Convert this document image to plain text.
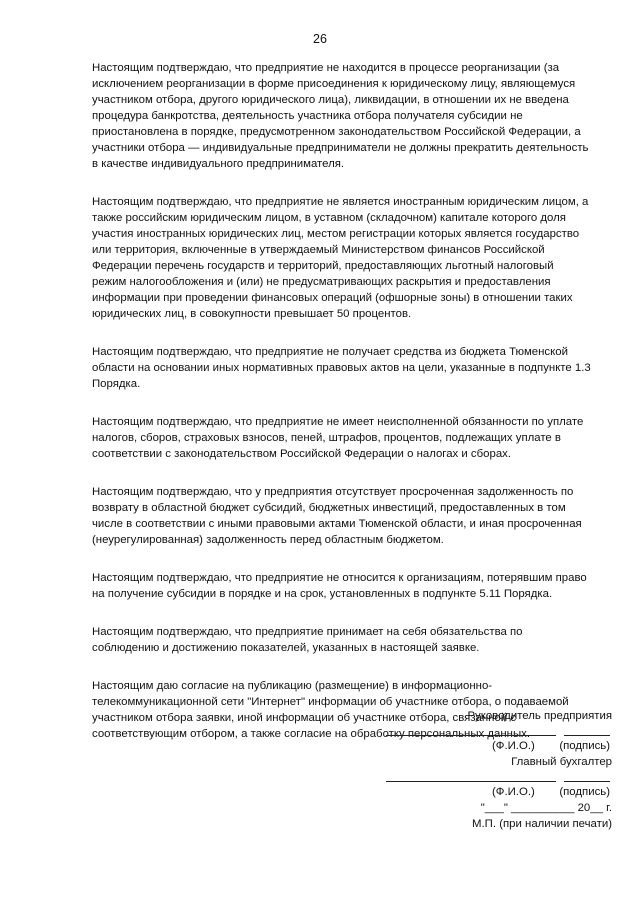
26

Настоящим подтверждаю, что предприятие не находится в процессе реорганизации (за
исключением реорганизации в форме присоединения к юридическому лицу, являющемуся
участником отбора, другого юридического лица), ликвидации, в отношении их не введена
процедура банкротства, деятельность участника отбора получателя субсидии не
приостановлена в порядке, предусмотренном законодательством Российской Федерации, а
участники отбора — индивидуальные предприниматели не должны прекратить деятельность
в качестве индивидуального предпринимателя.

Настоящим подтверждаю, что предприятие не является иностранным юридическим лицом, а
также российским юридическим лицом, в уставном (складочном) капитале которого доля
участия иностранных юридических лиц, местом регистрации которых является государство
или территория, включенные в утверждаемый Министерством финансов Российской
Федерации перечень государств и территорий, предоставляющих льготный налоговый
режим налогообложения и (или) не предусматривающих раскрытия и предоставления
информации при проведении финансовых операций (офшорные зоны) в отношении таких
юридических лиц, в совокупности превышает 50 процентов.

Настоящим подтверждаю, что предприятие не получает средства из бюджета Тюменской
области на основании иных нормативных правовых актов на цели, указанные в подпункте 1.3
Порядка.

Настоящим подтверждаю, что предприятие не имеет неисполненной обязанности по уплате
налогов, сборов, страховых взносов, пеней, штрафов, процентов, подлежащих уплате в
соответствии с законодательством Российской Федерации о налогах и сборах.

Настоящим подтверждаю, что у предприятия отсутствует просроченная задолженность по
возврату в областной бюджет субсидий, бюджетных инвестиций, предоставленных в том
числе в соответствии с иными правовыми актами Тюменской области, и иная просроченная
(неурегулированная) задолженность перед областным бюджетом.

Настоящим подтверждаю, что предприятие не относится к организациям, потерявшим право
на получение субсидии в порядке и на срок, установленных в подпункте 5.11 Порядка.

Настоящим подтверждаю, что предприятие принимает на себя обязательства по
соблюдению и достижению показателей, указанных в настоящей заявке.

Настоящим даю согласие на публикацию (размещение) в информационно-
телекоммуникационной сети "Интернет" информации об участнике отбора, о подаваемой
участником отбора заявки, иной информации об участнике отбора, связанной с
соответствующим отбором, а также согласие на обработку персональных данных.

Руководитель предприятия
(Ф.И.О.) (подпись)
Главный бухгалтер
(Ф.И.О.) (подпись)
"___" __________ 20__ г.
М.П. (при наличии печати)
